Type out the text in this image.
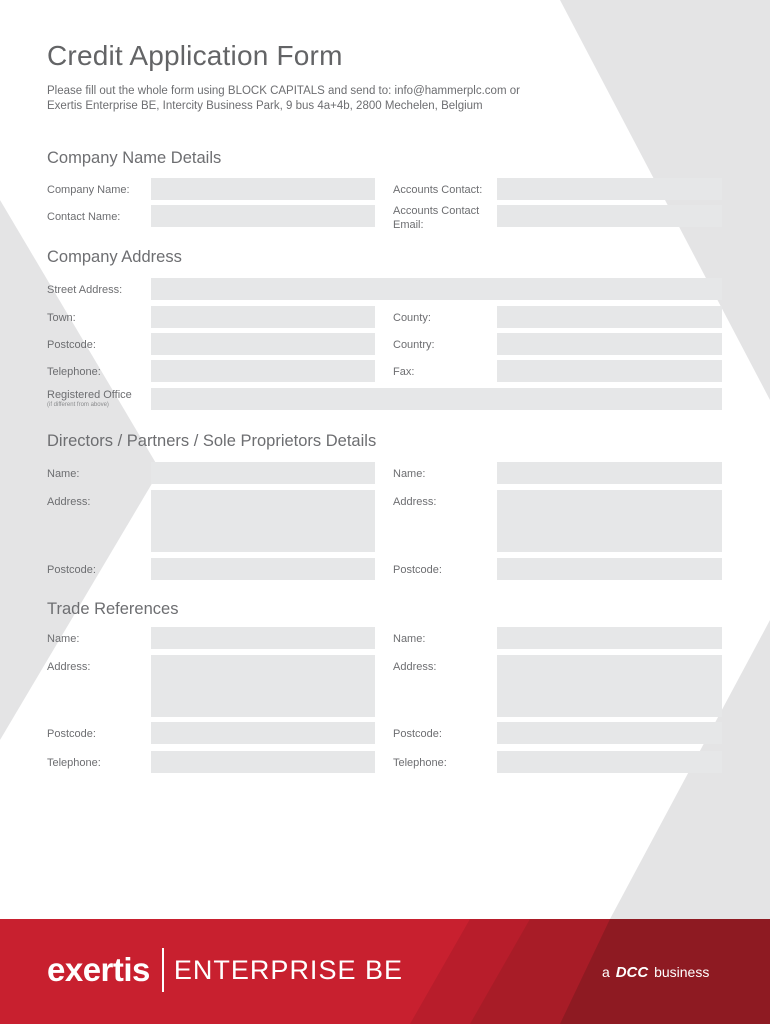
Credit Application Form
Please fill out the whole form using BLOCK CAPITALS and send to: info@hammerplc.com or
Exertis Enterprise BE, Intercity Business Park, 9 bus 4a+4b, 2800 Mechelen, Belgium
Company Name Details
Company Name:	Accounts Contact:
Contact Name:	Accounts Contact Email:
Company Address
Street Address:
Town:	County:
Postcode:	Country:
Telephone:	Fax:
Registered Office
(if different from above)
Directors / Partners / Sole Proprietors Details
Name:	Name:
Address:	Address:
Postcode:	Postcode:
Trade References
Name:	Name:
Address:	Address:
Postcode:	Postcode:
Telephone:	Telephone:
exertis ENTERPRISE BE	a DCC business
